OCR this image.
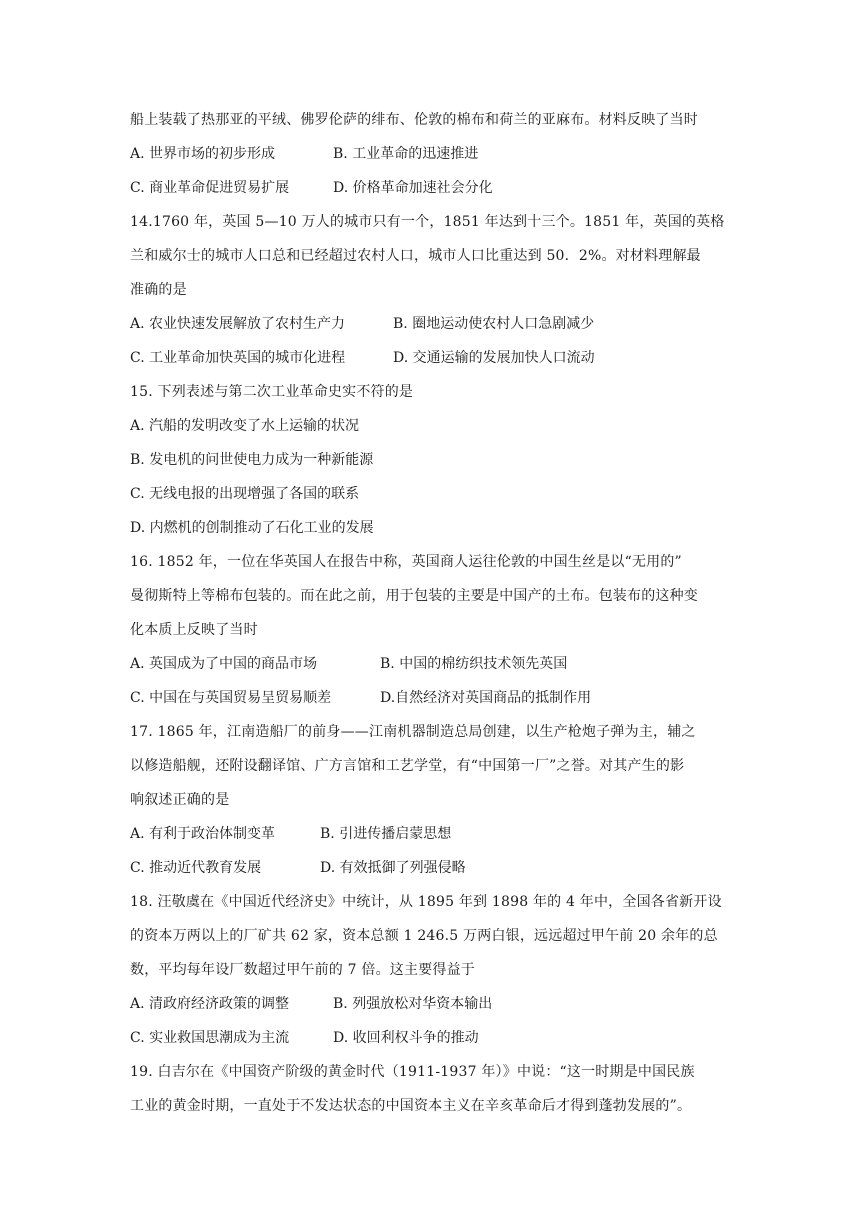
船上装载了热那亚的平绒、佛罗伦萨的绯布、伦敦的棉布和荷兰的亚麻布。材料反映了当时
A. 世界市场的初步形成	B. 工业革命的迅速推进
C. 商业革命促进贸易扩展	D. 价格革命加速社会分化
14.1760 年，英国 5—10 万人的城市只有一个，1851 年达到十三个。1851 年，英国的英格
兰和威尔士的城市人口总和已经超过农村人口，城市人口比重达到 50．2%。对材料理解最
准确的是
A. 农业快速发展解放了农村生产力	B. 圈地运动使农村人口急剧减少
C. 工业革命加快英国的城市化进程	D. 交通运输的发展加快人口流动
15. 下列表述与第二次工业革命史实不符的是
A. 汽船的发明改变了水上运输的状况
B. 发电机的问世使电力成为一种新能源
C. 无线电报的出现增强了各国的联系
D. 内燃机的创制推动了石化工业的发展
16. 1852 年，一位在华英国人在报告中称，英国商人运往伦敦的中国生丝是以“无用的”
曼彻斯特上等棉布包装的。而在此之前，用于包装的主要是中国产的土布。包装布的这种变
化本质上反映了当时
A. 英国成为了中国的商品市场	B. 中国的棉纺织技术领先英国
C. 中国在与英国贸易呈贸易顺差	D.自然经济对英国商品的抵制作用
17. 1865 年，江南造船厂的前身——江南机器制造总局创建，以生产枪炮子弹为主，辅之
以修造船舰，还附设翻译馆、广方言馆和工艺学堂，有“中国第一厂”之誉。对其产生的影
响叙述正确的是
A. 有利于政治体制变革	B. 引进传播启蒙思想
C. 推动近代教育发展	D. 有效抵御了列强侵略
18. 汪敬虞在《中国近代经济史》中统计，从 1895 年到 1898 年的 4 年中，全国各省新开设
的资本万两以上的厂矿共 62 家，资本总额 1 246.5 万两白银，远远超过甲午前 20 余年的总
数，平均每年设厂数超过甲午前的 7 倍。这主要得益于
A. 清政府经济政策的调整	B. 列强放松对华资本输出
C. 实业救国思潮成为主流	D. 收回利权斗争的推动
19. 白吉尔在《中国资产阶级的黄金时代（1911-1937 年）》中说：“这一时期是中国民族
工业的黄金时期，一直处于不发达状态的中国资本主义在辛亥革命后才得到蓬勃发展的”。
